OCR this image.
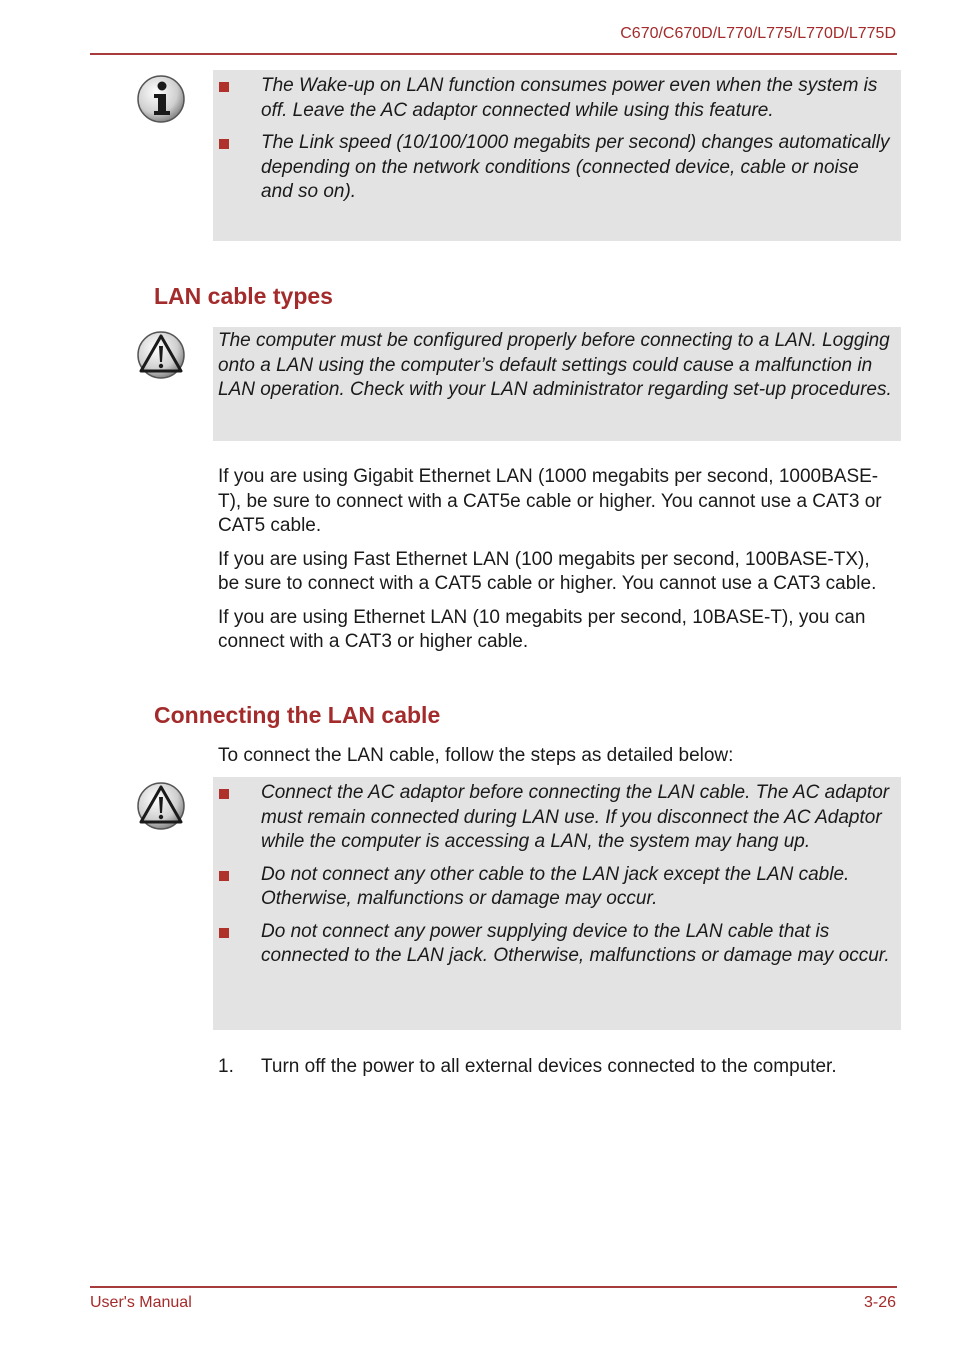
C670/C670D/L770/L775/L770D/L775D
The Wake-up on LAN function consumes power even when the system is off. Leave the AC adaptor connected while using this feature.
The Link speed (10/100/1000 megabits per second) changes automatically depending on the network conditions (connected device, cable or noise and so on).
LAN cable types
The computer must be configured properly before connecting to a LAN. Logging onto a LAN using the computer’s default settings could cause a malfunction in LAN operation. Check with your LAN administrator regarding set-up procedures.

If you are using Gigabit Ethernet LAN (1000 megabits per second, 1000BASE-T), be sure to connect with a CAT5e cable or higher. You cannot use a CAT3 or CAT5 cable.

If you are using Fast Ethernet LAN (100 megabits per second, 100BASE-TX), be sure to connect with a CAT5 cable or higher. You cannot use a CAT3 cable.

If you are using Ethernet LAN (10 megabits per second, 10BASE-T), you can connect with a CAT3 or higher cable.

Connecting the LAN cable
To connect the LAN cable, follow the steps as detailed below:
Connect the AC adaptor before connecting the LAN cable. The AC adaptor must remain connected during LAN use. If you disconnect the AC Adaptor while the computer is accessing a LAN, the system may hang up.
Do not connect any other cable to the LAN jack except the LAN cable. Otherwise, malfunctions or damage may occur.
Do not connect any power supplying device to the LAN cable that is connected to the LAN jack. Otherwise, malfunctions or damage may occur.
1. Turn off the power to all external devices connected to the computer.
User's Manual	3-26
